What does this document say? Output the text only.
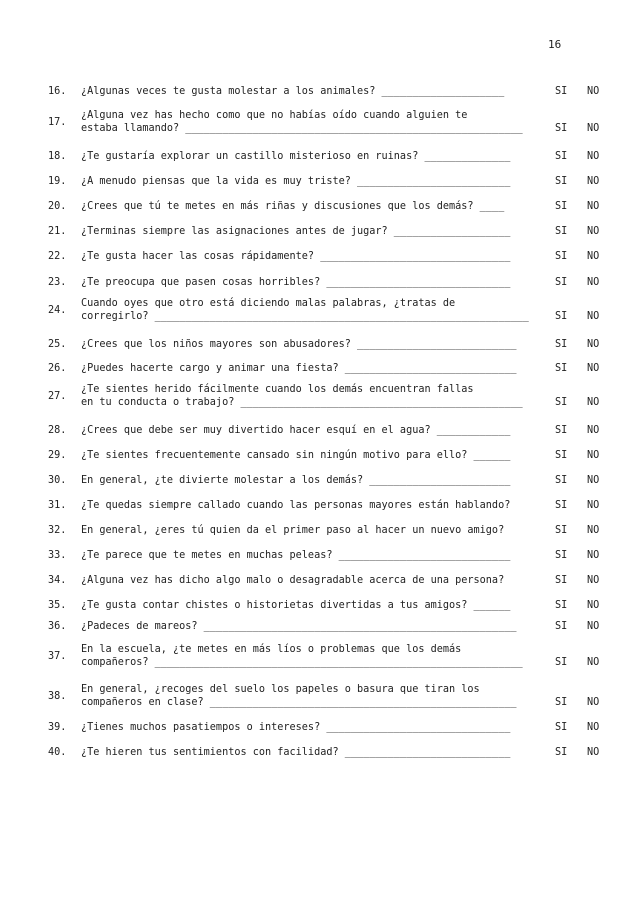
16
16.	¿Algunas veces te gusta molestar a los animales? ____________________	SI NO
17.
¿Alguna vez has hecho como que no habías oído cuando alguien te
estaba llamando? _______________________________________________________	SI NO
18.	¿Te gustaría explorar un castillo misterioso en ruinas? ______________	SI NO
19.	¿A menudo piensas que la vida es muy triste? _________________________	SI NO
20.	¿Crees que tú te metes en más riñas y discusiones que los demás? ____	SI NO
21.	¿Terminas siempre las asignaciones antes de jugar? ___________________	SI NO
22.	¿Te gusta hacer las cosas rápidamente? _______________________________	SI NO
23.	¿Te preocupa que pasen cosas horribles? ______________________________	SI NO
24.
Cuando oyes que otro está diciendo malas palabras, ¿tratas de
corregirlo? _____________________________________________________________	SI NO
25.	¿Crees que los niños mayores son abusadores? __________________________	SI NO
26.	¿Puedes hacerte cargo y animar una fiesta? ____________________________	SI NO
27.
¿Te sientes herido fácilmente cuando los demás encuentran fallas
en tu conducta o trabajo? ______________________________________________	SI NO
28.	¿Crees que debe ser muy divertido hacer esquí en el agua? ____________	SI NO
29.	¿Te sientes frecuentemente cansado sin ningún motivo para ello? ______	SI NO
30.	En general, ¿te divierte molestar a los demás? _______________________	SI NO
31.	¿Te quedas siempre callado cuando las personas mayores están hablando?	SI NO
32.	En general, ¿eres tú quien da el primer paso al hacer un nuevo amigo?	SI NO
33.	¿Te parece que te metes en muchas peleas? ____________________________	SI NO
34.	¿Alguna vez has dicho algo malo o desagradable acerca de una persona?	SI NO
35.	¿Te gusta contar chistes o historietas divertidas a tus amigos? ______	SI NO
36.	¿Padeces de mareos? ___________________________________________________	SI NO
37.
En la escuela, ¿te metes en más líos o problemas que los demás
compañeros? ____________________________________________________________	SI NO
38.
En general, ¿recoges del suelo los papeles o basura que tiran los
compañeros en clase? __________________________________________________	SI NO
39.	¿Tienes muchos pasatiempos o intereses? ______________________________	SI NO
40.	¿Te hieren tus sentimientos con facilidad? ___________________________	SI NO
